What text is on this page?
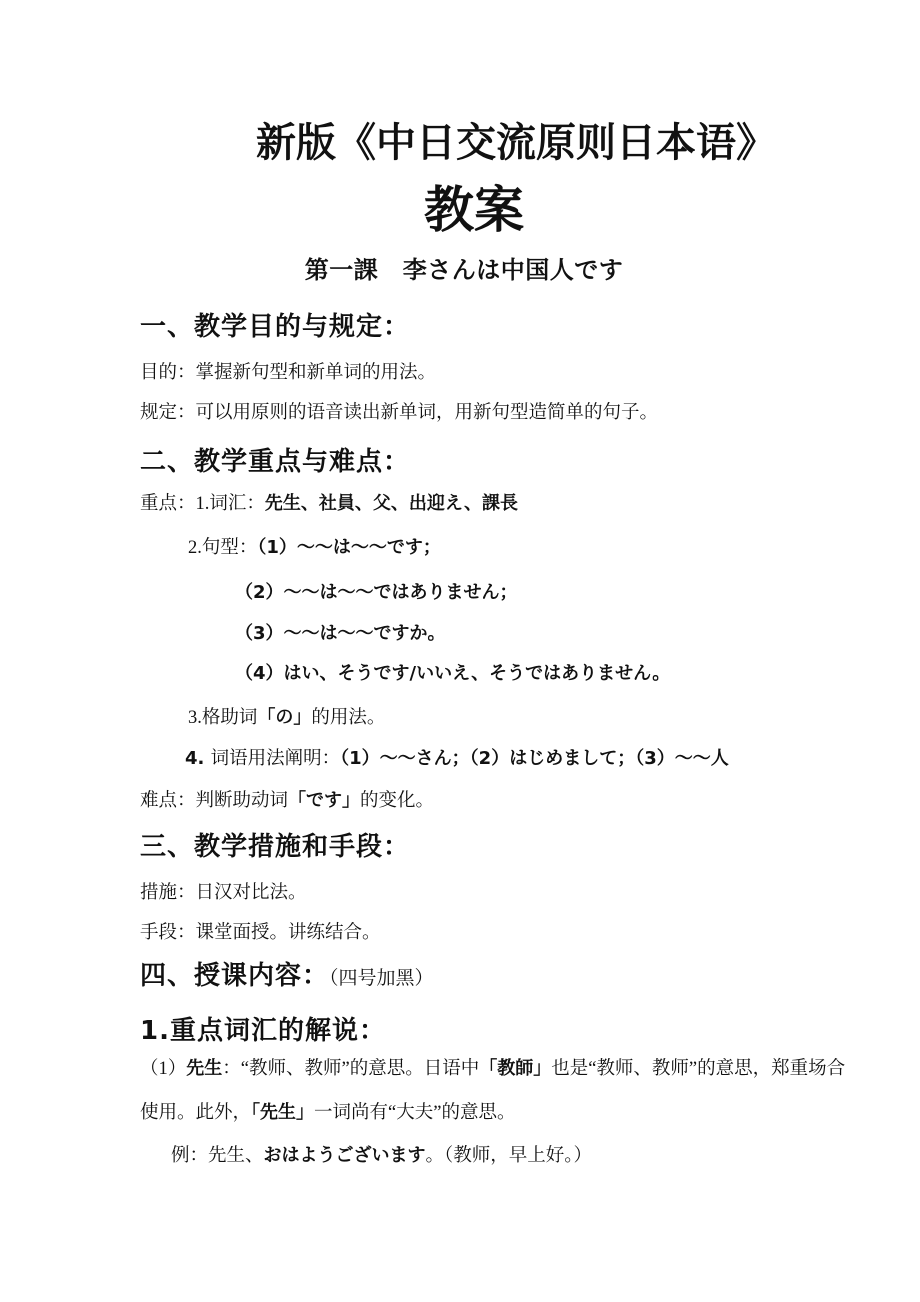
新版《中日交流原则日本语》
教案
第一課　李さんは中国人です
一、教学目的与规定：
目的：掌握新句型和新单词的用法。
规定：可以用原则的语音读出新单词，用新句型造简单的句子。
二、教学重点与难点：
重点：1.词汇：先生、社員、父、出迎え、課長
2.句型：（1）～～は～～です；
（2）～～は～～ではありません；
（3）～～は～～ですか。
（4）はい、そうです/いいえ、そうではありません。
3.格助词「の」的用法。
4. 词语用法阐明：（1）～～さん；（2）はじめまして；（3）～～人
难点：判断助动词「です」的变化。
三、教学措施和手段：
措施：日汉对比法。
手段：课堂面授。讲练结合。
四、授课内容：（四号加黑）
1.重点词汇的解说：
（1）先生：“教师、教师”的意思。日语中「教師」也是“教师、教师”的意思，郑重场合
使用。此外，「先生」一词尚有“大夫”的意思。
例：先生、おはようございます。（教师，早上好。）
